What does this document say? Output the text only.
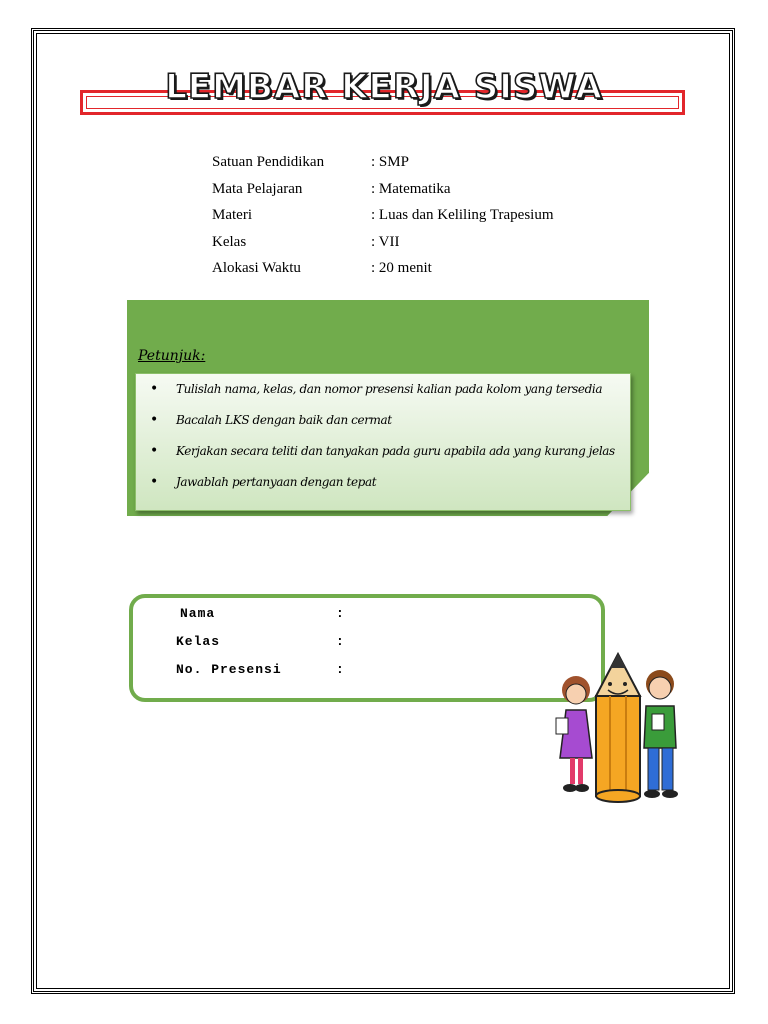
LEMBAR KERJA SISWA
Satuan Pendidikan	: SMP
Mata Pelajaran	: Matematika
Materi	: Luas dan Keliling Trapesium
Kelas	: VII
Alokasi Waktu	: 20 menit
Petunjuk:
• Tulislah nama, kelas, dan nomor presensi kalian pada kolom yang tersedia
• Bacalah LKS dengan baik dan cermat
• Kerjakan secara teliti dan tanyakan pada guru apabila ada yang kurang jelas
• Jawablah pertanyaan dengan tepat
Nama	:
Kelas	:
No. Presensi	:
